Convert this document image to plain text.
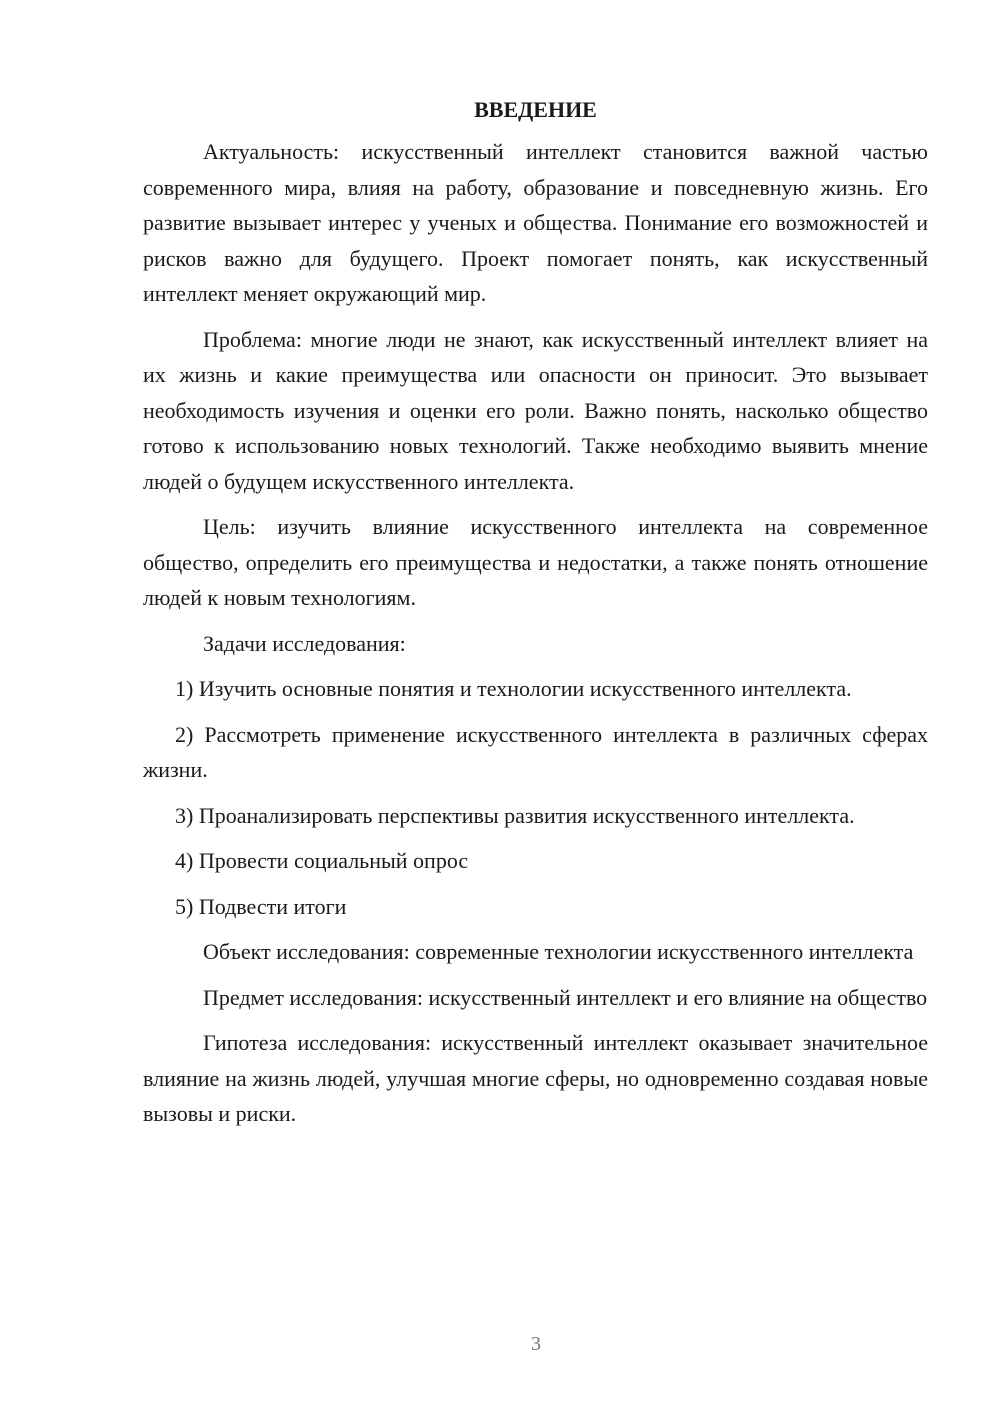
ВВЕДЕНИЕ

Актуальность: искусственный интеллект становится важной частью современного мира, влияя на работу, образование и повседневную жизнь. Его развитие вызывает интерес у ученых и общества. Понимание его возможностей и рисков важно для будущего. Проект помогает понять, как искусственный интеллект меняет окружающий мир.

Проблема: многие люди не знают, как искусственный интеллект влияет на их жизнь и какие преимущества или опасности он приносит. Это вызывает необходимость изучения и оценки его роли. Важно понять, насколько общество готово к использованию новых технологий. Также необходимо выявить мнение людей о будущем искусственного интеллекта.

Цель: изучить влияние искусственного интеллекта на современное общество, определить его преимущества и недостатки, а также понять отношение людей к новым технологиям.

Задачи исследования:

1) Изучить основные понятия и технологии искусственного интеллекта.

2) Рассмотреть применение искусственного интеллекта в различных сферах жизни.

3) Проанализировать перспективы развития искусственного интеллекта.

4) Провести социальный опрос

5) Подвести итоги

Объект исследования: современные технологии искусственного интеллекта

Предмет исследования: искусственный интеллект и его влияние на общество

Гипотеза исследования: искусственный интеллект оказывает значительное влияние на жизнь людей, улучшая многие сферы, но одновременно создавая новые вызовы и риски.

3
